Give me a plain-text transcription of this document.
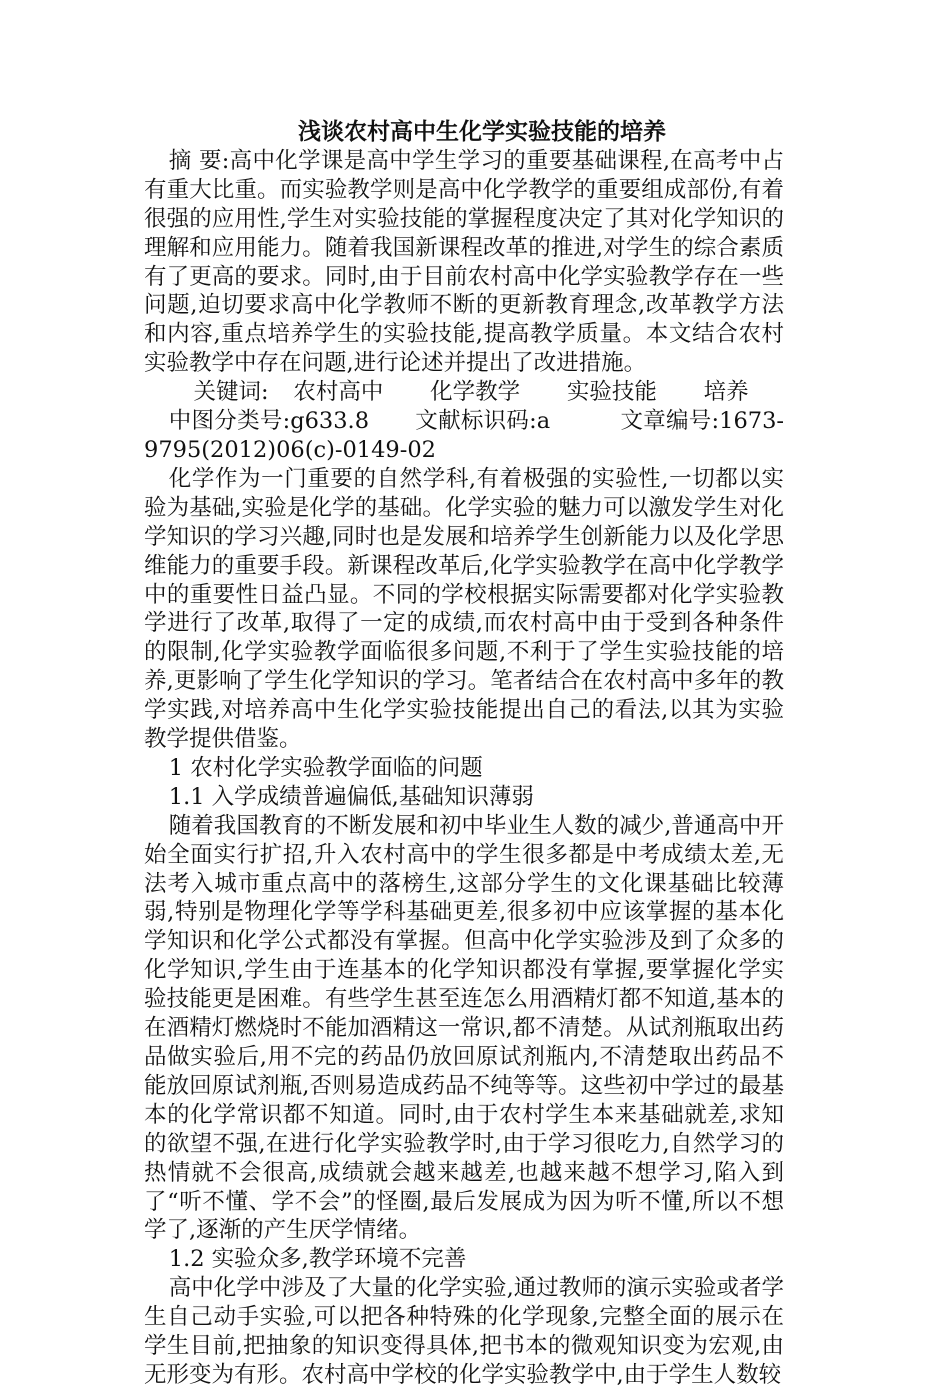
浅谈农村高中生化学实验技能的培养

摘 要:高中化学课是高中学生学习的重要基础课程,在高考中占有重大比重。而实验教学则是高中化学教学的重要组成部份,有着很强的应用性,学生对实验技能的掌握程度决定了其对化学知识的理解和应用能力。随着我国新课程改革的推进,对学生的综合素质有了更高的要求。同时,由于目前农村高中化学实验教学存在一些问题,迫切要求高中化学教师不断的更新教育理念,改革教学方法和内容,重点培养学生的实验技能,提高教学质量。本文结合农村实验教学中存在问题,进行论述并提出了改进措施。

关键词: 农村高中 化学教学 实验技能 培养

中图分类号:g633.8 文献标识码:a	文章编号:1673-9795(2012)06(c)-0149-02

化学作为一门重要的自然学科,有着极强的实验性,一切都以实验为基础,实验是化学的基础。化学实验的魅力可以激发学生对化学知识的学习兴趣,同时也是发展和培养学生创新能力以及化学思维能力的重要手段。新课程改革后,化学实验教学在高中化学教学中的重要性日益凸显。不同的学校根据实际需要都对化学实验教学进行了改革,取得了一定的成绩,而农村高中由于受到各种条件的限制,化学实验教学面临很多问题,不利于了学生实验技能的培养,更影响了学生化学知识的学习。笔者结合在农村高中多年的教学实践,对培养高中生化学实验技能提出自己的看法,以其为实验教学提供借鉴。

1 农村化学实验教学面临的问题

1.1 入学成绩普遍偏低,基础知识薄弱

随着我国教育的不断发展和初中毕业生人数的减少,普通高中开始全面实行扩招,升入农村高中的学生很多都是中考成绩太差,无法考入城市重点高中的落榜生,这部分学生的文化课基础比较薄弱,特别是物理化学等学科基础更差,很多初中应该掌握的基本化学知识和化学公式都没有掌握。但高中化学实验涉及到了众多的化学知识,学生由于连基本的化学知识都没有掌握,要掌握化学实验技能更是困难。有些学生甚至连怎么用酒精灯都不知道,基本的在酒精灯燃烧时不能加酒精这一常识,都不清楚。从试剂瓶取出药品做实验后,用不完的药品仍放回原试剂瓶内,不清楚取出药品不能放回原试剂瓶,否则易造成药品不纯等等。这些初中学过的最基本的化学常识都不知道。同时,由于农村学生本来基础就差,求知的欲望不强,在进行化学实验教学时,由于学习很吃力,自然学习的热情就不会很高,成绩就会越来越差,也越来越不想学习,陷入到了“听不懂、学不会”的怪圈,最后发展成为因为听不懂,所以不想学了,逐渐的产生厌学情绪。

1.2 实验众多,教学环境不完善

高中化学中涉及了大量的化学实验,通过教师的演示实验或者学生自己动手实验,可以把各种特殊的化学现象,完整全面的展示在学生目前,把抽象的知识变得具体,把书本的微观知识变为宏观,由无形变为有形。农村高中学校的化学实验教学中,由于学生人数较
